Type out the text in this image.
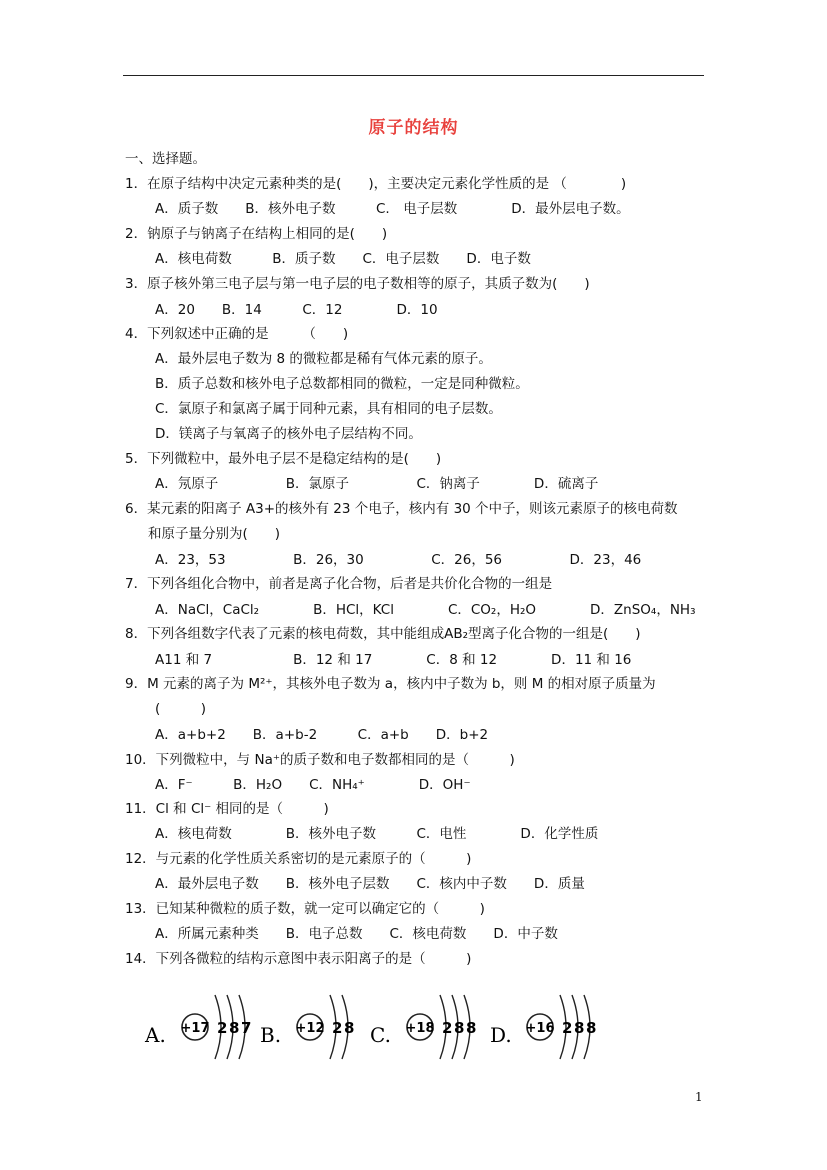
原子的结构
一、选择题。
1．在原子结构中决定元素种类的是(　　)，主要决定元素化学性质的是 （　　　　)
A．质子数　　B．核外电子数　　　C.　电子层数　　　　D．最外层电子数。
2．钠原子与钠离子在结构上相同的是(　　)
A．核电荷数　　　B．质子数　　C．电子层数　　D．电子数
3．原子核外第三电子层与第一电子层的电子数相等的原子，其质子数为(　　)
A．20　　B．14　　　C．12　　　　D．10
4．下列叙述中正确的是　　　（　　)
A．最外层电子数为 8 的微粒都是稀有气体元素的原子。
B．质子总数和核外电子总数都相同的微粒，一定是同种微粒。
C．氯原子和氯离子属于同种元素，具有相同的电子层数。
D．镁离子与氧离子的核外电子层结构不同。
5．下列微粒中，最外电子层不是稳定结构的是(　　)
A．氖原子　　　　　B．氯原子　　　　　C．钠离子　　　　D．硫离子
6．某元素的阳离子 A3+的核外有 23 个电子，核内有 30 个中子，则该元素原子的核电荷数
和原子量分别为(　　)
A．23，53　　　　　B．26，30　　　　　C．26，56　　　　　D．23，46
7．下列各组化合物中，前者是离子化合物，后者是共价化合物的一组是
A．NaCl，CaCl₂　　　　B．HCl，KCl　　　　C．CO₂，H₂O　　　　D．ZnSO₄，NH₃
8．下列各组数字代表了元素的核电荷数，其中能组成AB₂型离子化合物的一组是(　　)
A11 和 7　　　　　　B．12 和 17　　　　C．8 和 12　　　　D．11 和 16
9．M 元素的离子为 M²⁺，其核外电子数为 a，核内中子数为 b，则 M 的相对原子质量为
(　　　)
A．a+b+2　　B．a+b-2　　　C．a+b　　D．b+2
10．下列微粒中，与 Na⁺的质子数和电子数都相同的是（　　　)
A．F⁻　　　B．H₂O　　C．NH₄⁺　　　　D．OH⁻
11．Cl 和 Cl⁻ 相同的是（　　　)
A．核电荷数　　　　B．核外电子数　　　C．电性　　　　D．化学性质
12．与元素的化学性质关系密切的是元素原子的（　　　)
A．最外层电子数　　B．核外电子层数　　C．核内中子数　　D．质量
13．已知某种微粒的质子数，就一定可以确定它的（　　　)
A．所属元素种类　　B．电子总数　　C．核电荷数　　D．中子数
14．下列各微粒的结构示意图中表示阳离子的是（　　　)
A. +17 2 8 7 B. +12 2 8 C. +18 2 8 8 D. +16 2 8 8
1
